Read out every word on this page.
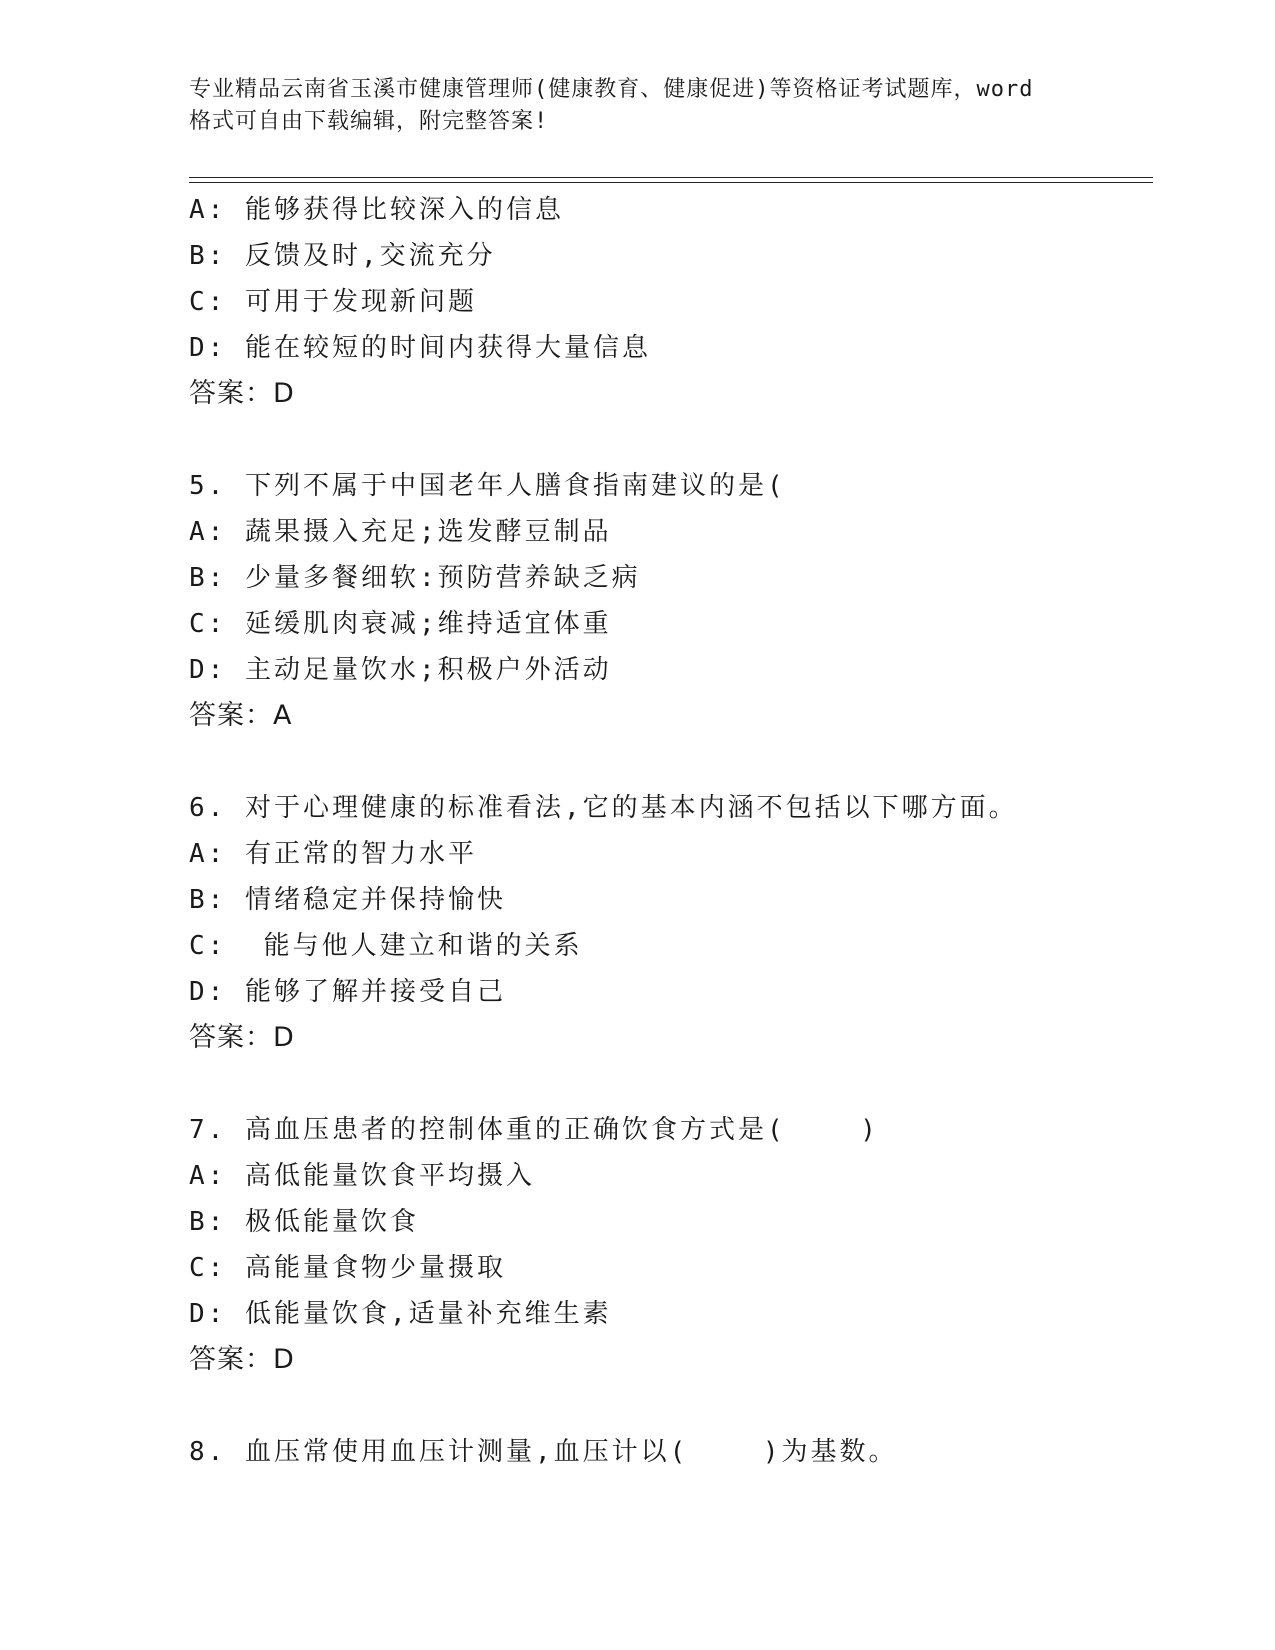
专业精品云南省玉溪市健康管理师(健康教育、健康促进)等资格证考试题库，word
格式可自由下载编辑，附完整答案!
A: 能够获得比较深入的信息
B: 反馈及时,交流充分
C: 可用于发现新问题
D: 能在较短的时间内获得大量信息
答案：D
5. 下列不属于中国老年人膳食指南建议的是(
A: 蔬果摄入充足;选发酵豆制品
B: 少量多餐细软:预防营养缺乏病
C: 延缓肌肉衰减;维持适宜体重
D: 主动足量饮水;积极户外活动
答案：A
6. 对于心理健康的标准看法,它的基本内涵不包括以下哪方面。
A: 有正常的智力水平
B: 情绪稳定并保持愉快
C:  能与他人建立和谐的关系
D: 能够了解并接受自己
答案：D
7. 高血压患者的控制体重的正确饮食方式是(    )
A: 高低能量饮食平均摄入
B: 极低能量饮食
C: 高能量食物少量摄取
D: 低能量饮食,适量补充维生素
答案：D
8. 血压常使用血压计测量,血压计以(    )为基数。
